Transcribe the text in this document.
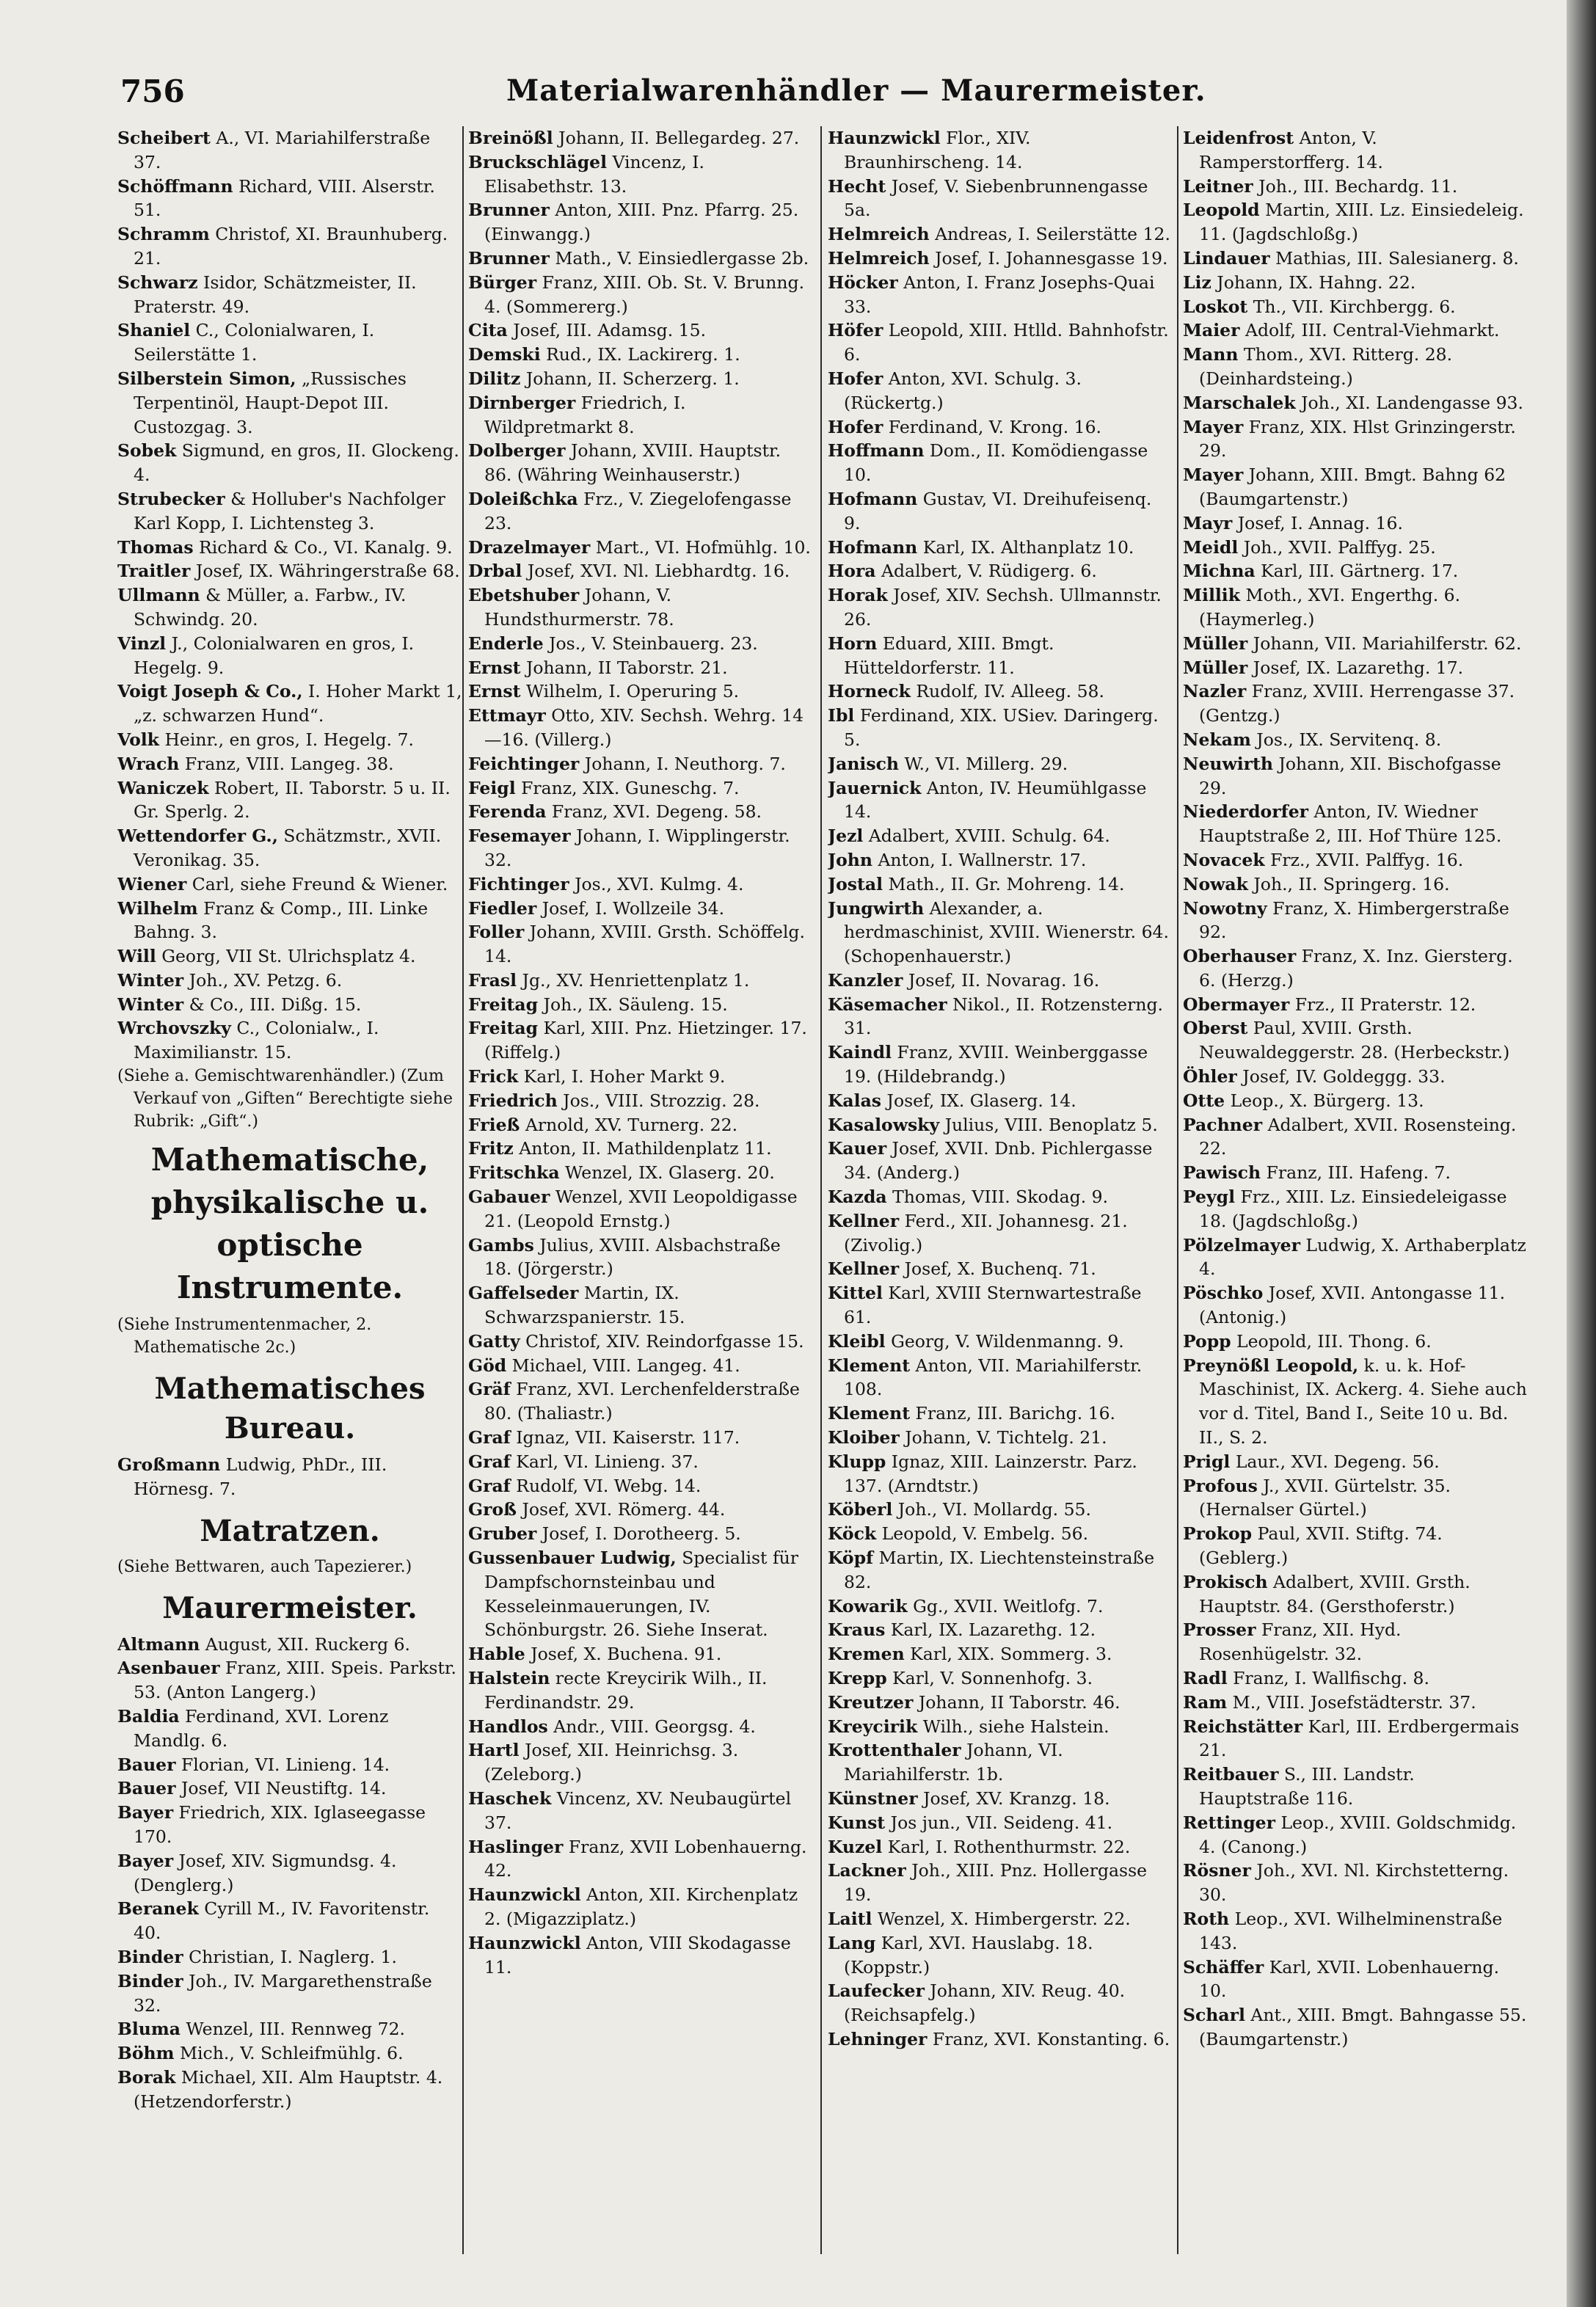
756	Materialwarenhändler — Maurermeister.

Scheibert A., VI. Mariahilferstraße 37.

Schöffmann Richard, VIII. Alserstr. 51.

Schramm Christof, XI. Braunhuberg. 21.

Schwarz Isidor, Schätzmeister, II. Praterstr. 49.

Shaniel C., Colonialwaren, I. Seilerstätte 1.

Silberstein Simon, „Russisches Terpentinöl, Haupt-Depot III. Custozgag. 3.

Sobek Sigmund, en gros, II. Glockeng. 4.

Strubecker & Holluber's Nachfolger Karl Kopp, I. Lichtensteg 3.

Thomas Richard & Co., VI. Kanalg. 9.

Traitler Josef, IX. Währingerstraße 68.

Ullmann & Müller, a. Farbw., IV. Schwindg. 20.

Vinzl J., Colonialwaren en gros, I. Hegelg. 9.

Voigt Joseph & Co., I. Hoher Markt 1, „z. schwarzen Hund“.

Volk Heinr., en gros, I. Hegelg. 7.

Wrach Franz, VIII. Langeg. 38.

Waniczek Robert, II. Taborstr. 5 u. II. Gr. Sperlg. 2.

Wettendorfer G., Schätzmstr., XVII. Veronikag. 35.

Wiener Carl, siehe Freund & Wiener.

Wilhelm Franz & Comp., III. Linke Bahng. 3.

Will Georg, VII St. Ulrichsplatz 4.

Winter Joh., XV. Petzg. 6.

Winter & Co., III. Dißg. 15.

Wrchovszky C., Colonialw., I. Maximilianstr. 15.

(Siehe a. Gemischtwarenhändler.) (Zum Verkauf von „Giften“ Berechtigte siehe Rubrik: „Gift“.)

Mathematische, physikalische u. optische Instrumente.

(Siehe Instrumentenmacher, 2. Mathematische 2c.)

Mathematisches Bureau.

Großmann Ludwig, PhDr., III. Hörnesg. 7.

Matratzen.

(Siehe Bettwaren, auch Tapezierer.)

Maurermeister.

Altmann August, XII. Ruckerg 6.

Asenbauer Franz, XIII. Speis. Parkstr. 53. (Anton Langerg.)

Baldia Ferdinand, XVI. Lorenz Mandlg. 6.

Bauer Florian, VI. Linieng. 14.

Bauer Josef, VII Neustiftg. 14.

Bayer Friedrich, XIX. Iglaseegasse 170.

Bayer Josef, XIV. Sigmundsg. 4. (Denglerg.)

Beranek Cyrill M., IV. Favoritenstr. 40.

Binder Christian, I. Naglerg. 1.

Binder Joh., IV. Margarethenstraße 32.

Bluma Wenzel, III. Rennweg 72.

Böhm Mich., V. Schleifmühlg. 6.

Borak Michael, XII. Alm Hauptstr. 4. (Hetzendorferstr.)

Breinößl Johann, II. Bellegardeg. 27.

Bruckschlägel Vincenz, I. Elisabethstr. 13.

Brunner Anton, XIII. Pnz. Pfarrg. 25. (Einwangg.)

Brunner Math., V. Einsiedlergasse 2b.

Bürger Franz, XIII. Ob. St. V. Brunng. 4. (Sommererg.)

Cita Josef, III. Adamsg. 15.

Demski Rud., IX. Lackirerg. 1.

Dilitz Johann, II. Scherzerg. 1.

Dirnberger Friedrich, I. Wildpretmarkt 8.

Dolberger Johann, XVIII. Hauptstr. 86. (Währing Weinhauserstr.)

Doleißchka Frz., V. Ziegelofengasse 23.

Drazelmayer Mart., VI. Hofmühlg. 10.

Drbal Josef, XVI. Nl. Liebhardtg. 16.

Ebetshuber Johann, V. Hundsthurmerstr. 78.

Enderle Jos., V. Steinbauerg. 23.

Ernst Johann, II Taborstr. 21.

Ernst Wilhelm, I. Operuring 5.

Ettmayr Otto, XIV. Sechsh. Wehrg. 14—16. (Villerg.)

Feichtinger Johann, I. Neuthorg. 7.

Feigl Franz, XIX. Guneschg. 7.

Ferenda Franz, XVI. Degeng. 58.

Fesemayer Johann, I. Wipplingerstr. 32.

Fichtinger Jos., XVI. Kulmg. 4.

Fiedler Josef, I. Wollzeile 34.

Foller Johann, XVIII. Grsth. Schöffelg. 14.

Frasl Jg., XV. Henriettenplatz 1.

Freitag Joh., IX. Säuleng. 15.

Freitag Karl, XIII. Pnz. Hietzinger. 17. (Riffelg.)

Frick Karl, I. Hoher Markt 9.

Friedrich Jos., VIII. Strozzig. 28.

Frieß Arnold, XV. Turnerg. 22.

Fritz Anton, II. Mathildenplatz 11.

Fritschka Wenzel, IX. Glaserg. 20.

Gabauer Wenzel, XVII Leopoldigasse 21. (Leopold Ernstg.)

Gambs Julius, XVIII. Alsbachstraße 18. (Jörgerstr.)

Gaffelseder Martin, IX. Schwarzspanierstr. 15.

Gatty Christof, XIV. Reindorfgasse 15.

Göd Michael, VIII. Langeg. 41.

Gräf Franz, XVI. Lerchenfelderstraße 80. (Thaliastr.)

Graf Ignaz, VII. Kaiserstr. 117.

Graf Karl, VI. Linieng. 37.

Graf Rudolf, VI. Webg. 14.

Groß Josef, XVI. Römerg. 44.

Gruber Josef, I. Dorotheerg. 5.

Gussenbauer Ludwig, Specialist für Dampfschornsteinbau und Kesseleinmauerungen, IV. Schönburgstr. 26. Siehe Inserat.

Hable Josef, X. Buchena. 91.

Halstein recte Kreycirik Wilh., II. Ferdinandstr. 29.

Handlos Andr., VIII. Georgsg. 4.

Hartl Josef, XII. Heinrichsg. 3. (Zeleborg.)

Haschek Vincenz, XV. Neubaugürtel 37.

Haslinger Franz, XVII Lobenhauerng. 42.

Haunzwickl Anton, XII. Kirchenplatz 2. (Migazziplatz.)

Haunzwickl Anton, VIII Skodagasse 11.

Haunzwickl Flor., XIV. Braunhirscheng. 14.

Hecht Josef, V. Siebenbrunnengasse 5a.

Helmreich Andreas, I. Seilerstätte 12.

Helmreich Josef, I. Johannesgasse 19.

Höcker Anton, I. Franz Josephs-Quai 33.

Höfer Leopold, XIII. Htlld. Bahnhofstr. 6.

Hofer Anton, XVI. Schulg. 3. (Rückertg.)

Hofer Ferdinand, V. Krong. 16.

Hoffmann Dom., II. Komödiengasse 10.

Hofmann Gustav, VI. Dreihufeisenq. 9.

Hofmann Karl, IX. Althanplatz 10.

Hora Adalbert, V. Rüdigerg. 6.

Horak Josef, XIV. Sechsh. Ullmannstr. 26.

Horn Eduard, XIII. Bmgt. Hütteldorferstr. 11.

Horneck Rudolf, IV. Alleeg. 58.

Ibl Ferdinand, XIX. USiev. Daringerg. 5.

Janisch W., VI. Millerg. 29.

Jauernick Anton, IV. Heumühlgasse 14.

Jezl Adalbert, XVIII. Schulg. 64.

John Anton, I. Wallnerstr. 17.

Jostal Math., II. Gr. Mohreng. 14.

Jungwirth Alexander, a. herdmaschinist, XVIII. Wienerstr. 64. (Schopenhauerstr.)

Kanzler Josef, II. Novarag. 16.

Käsemacher Nikol., II. Rotzensterng. 31.

Kaindl Franz, XVIII. Weinberggasse 19. (Hildebrandg.)

Kalas Josef, IX. Glaserg. 14.

Kasalowsky Julius, VIII. Benoplatz 5.

Kauer Josef, XVII. Dnb. Pichlergasse 34. (Anderg.)

Kazda Thomas, VIII. Skodag. 9.

Kellner Ferd., XII. Johannesg. 21. (Zivolig.)

Kellner Josef, X. Buchenq. 71.

Kittel Karl, XVIII Sternwartestraße 61.

Kleibl Georg, V. Wildenmanng. 9.

Klement Anton, VII. Mariahilferstr. 108.

Klement Franz, III. Barichg. 16.

Kloiber Johann, V. Tichtelg. 21.

Klupp Ignaz, XIII. Lainzerstr. Parz. 137. (Arndtstr.)

Köberl Joh., VI. Mollardg. 55.

Köck Leopold, V. Embelg. 56.

Köpf Martin, IX. Liechtensteinstraße 82.

Kowarik Gg., XVII. Weitlofg. 7.

Kraus Karl, IX. Lazarethg. 12.

Kremen Karl, XIX. Sommerg. 3.

Krepp Karl, V. Sonnenhofg. 3.

Kreutzer Johann, II Taborstr. 46.

Kreycirik Wilh., siehe Halstein.

Krottenthaler Johann, VI. Mariahilferstr. 1b.

Künstner Josef, XV. Kranzg. 18.

Kunst Jos jun., VII. Seideng. 41.

Kuzel Karl, I. Rothenthurmstr. 22.

Lackner Joh., XIII. Pnz. Hollergasse 19.

Laitl Wenzel, X. Himbergerstr. 22.

Lang Karl, XVI. Hauslabg. 18. (Koppstr.)

Laufecker Johann, XIV. Reug. 40. (Reichsapfelg.)

Lehninger Franz, XVI. Konstanting. 6.

Leidenfrost Anton, V. Ramperstorfferg. 14.

Leitner Joh., III. Bechardg. 11.

Leopold Martin, XIII. Lz. Einsiedeleig. 11. (Jagdschloßg.)

Lindauer Mathias, III. Salesianerg. 8.

Liz Johann, IX. Hahng. 22.

Loskot Th., VII. Kirchbergg. 6.

Maier Adolf, III. Central-Viehmarkt.

Mann Thom., XVI. Ritterg. 28. (Deinhardsteing.)

Marschalek Joh., XI. Landengasse 93.

Mayer Franz, XIX. Hlst Grinzingerstr. 29.

Mayer Johann, XIII. Bmgt. Bahng 62 (Baumgartenstr.)

Mayr Josef, I. Annag. 16.

Meidl Joh., XVII. Palffyg. 25.

Michna Karl, III. Gärtnerg. 17.

Millik Moth., XVI. Engerthg. 6. (Haymerleg.)

Müller Johann, VII. Mariahilferstr. 62.

Müller Josef, IX. Lazarethg. 17.

Nazler Franz, XVIII. Herrengasse 37. (Gentzg.)

Nekam Jos., IX. Servitenq. 8.

Neuwirth Johann, XII. Bischofgasse 29.

Niederdorfer Anton, IV. Wiedner Hauptstraße 2, III. Hof Thüre 125.

Novacek Frz., XVII. Palffyg. 16.

Nowak Joh., II. Springerg. 16.

Nowotny Franz, X. Himbergerstraße 92.

Oberhauser Franz, X. Inz. Giersterg. 6. (Herzg.)

Obermayer Frz., II Praterstr. 12.

Oberst Paul, XVIII. Grsth. Neuwaldeggerstr. 28. (Herbeckstr.)

Öhler Josef, IV. Goldeggg. 33.

Otte Leop., X. Bürgerg. 13.

Pachner Adalbert, XVII. Rosensteing. 22.

Pawisch Franz, III. Hafeng. 7.

Peygl Frz., XIII. Lz. Einsiedeleigasse 18. (Jagdschloßg.)

Pölzelmayer Ludwig, X. Arthaberplatz 4.

Pöschko Josef, XVII. Antongasse 11. (Antonig.)

Popp Leopold, III. Thong. 6.

Preynößl Leopold, k. u. k. Hof-Maschinist, IX. Ackerg. 4. Siehe auch vor d. Titel, Band I., Seite 10 u. Bd. II., S. 2.

Prigl Laur., XVI. Degeng. 56.

Profous J., XVII. Gürtelstr. 35. (Hernalser Gürtel.)

Prokop Paul, XVII. Stiftg. 74. (Geblerg.)

Prokisch Adalbert, XVIII. Grsth. Hauptstr. 84. (Gersthoferstr.)

Prosser Franz, XII. Hyd. Rosenhügelstr. 32.

Radl Franz, I. Wallfischg. 8.

Ram M., VIII. Josefstädterstr. 37.

Reichstätter Karl, III. Erdbergermais 21.

Reitbauer S., III. Landstr. Hauptstraße 116.

Rettinger Leop., XVIII. Goldschmidg. 4. (Canong.)

Rösner Joh., XVI. Nl. Kirchstetterng. 30.

Roth Leop., XVI. Wilhelminenstraße 143.

Schäffer Karl, XVII. Lobenhauerng. 10.

Scharl Ant., XIII. Bmgt. Bahngasse 55. (Baumgartenstr.)
